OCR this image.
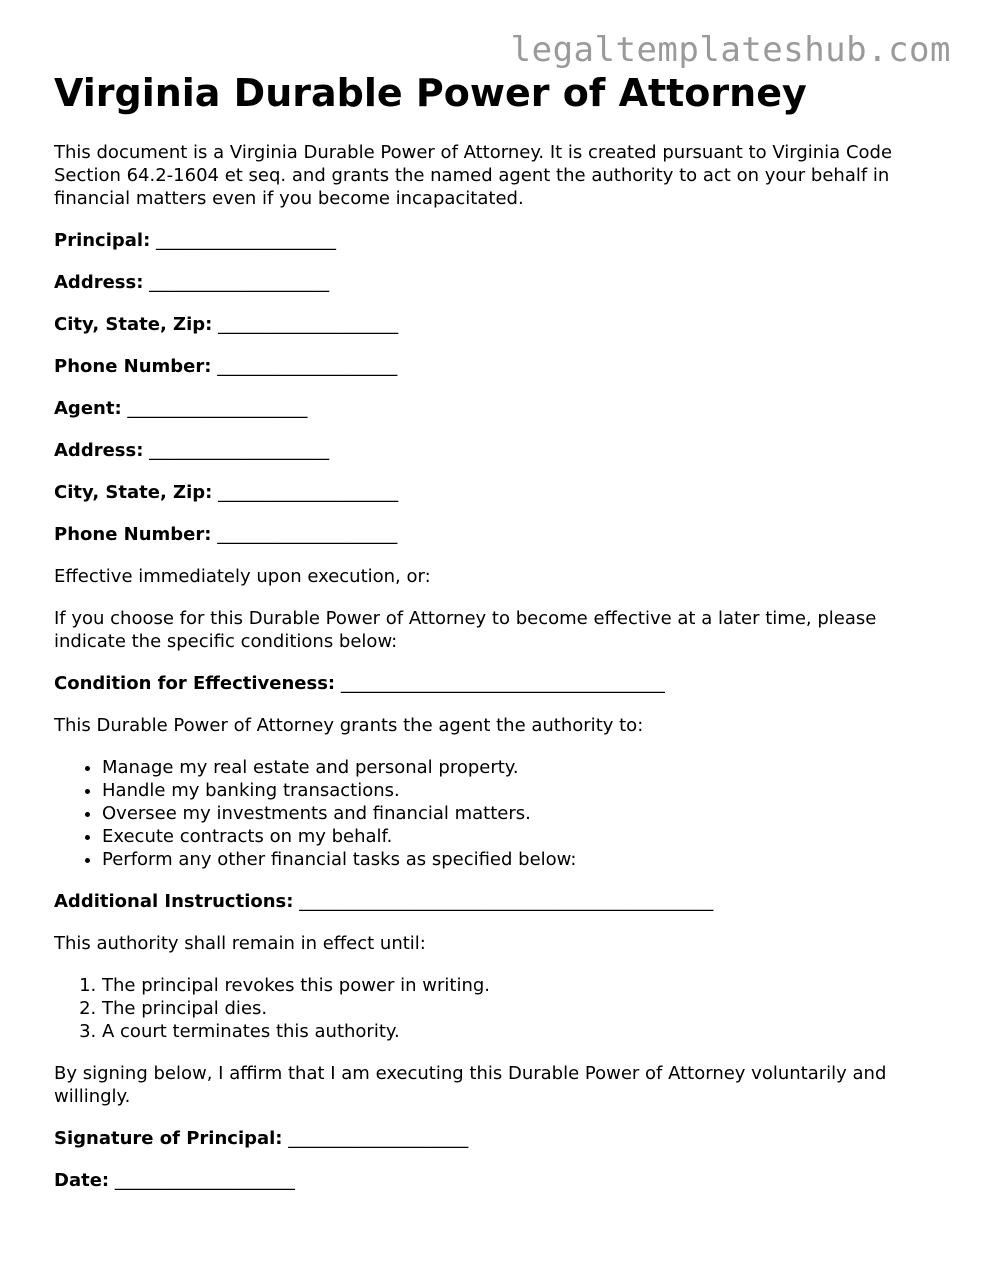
legaltemplateshub.com
Virginia Durable Power of Attorney

This document is a Virginia Durable Power of Attorney. It is created pursuant to Virginia Code Section 64.2-1604 et seq. and grants the named agent the authority to act on your behalf in financial matters even if you become incapacitated.

Principal: ____________________

Address: ____________________

City, State, Zip: ____________________

Phone Number: ____________________

Agent: ____________________

Address: ____________________

City, State, Zip: ____________________

Phone Number: ____________________

Effective immediately upon execution, or:

If you choose for this Durable Power of Attorney to become effective at a later time, please indicate the specific conditions below:

Condition for Effectiveness: ____________________________________

This Durable Power of Attorney grants the agent the authority to:

• Manage my real estate and personal property.
• Handle my banking transactions.
• Oversee my investments and financial matters.
• Execute contracts on my behalf.
• Perform any other financial tasks as specified below:

Additional Instructions: ______________________________________________

This authority shall remain in effect until:

1. The principal revokes this power in writing.
2. The principal dies.
3. A court terminates this authority.

By signing below, I affirm that I am executing this Durable Power of Attorney voluntarily and willingly.

Signature of Principal: ____________________

Date: ____________________
